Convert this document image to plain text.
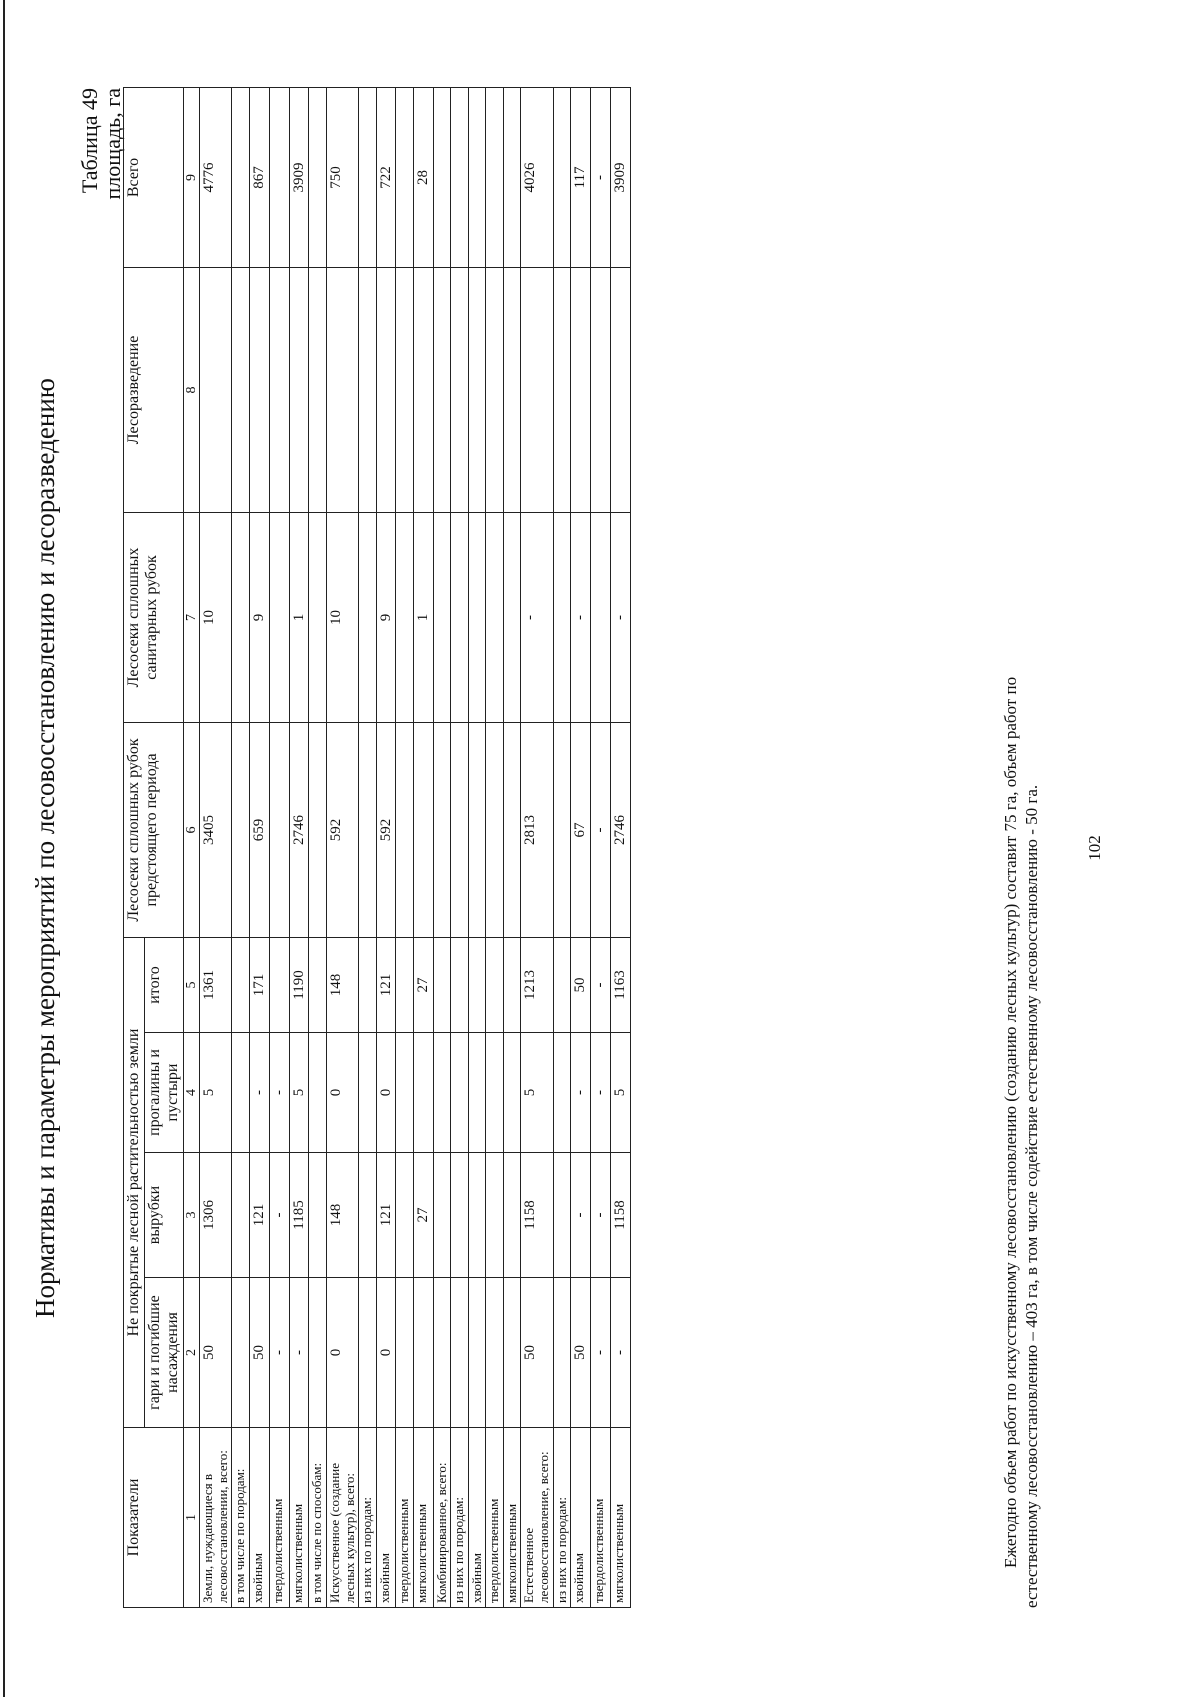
Нормативы и параметры мероприятий по лесовосстановлению и лесоразведению
Таблица 49
площадь, га
Показатели	Не покрытые лесной растительностью земли				Лесосеки сплошных рубок предстоящего периода	Лесосеки сплошных санитарных рубок	Лесоразведение	Всего
	гари и погибшие насаждения	вырубки	прогалины и пустыри	итого				
1	2	3	4	5	6	7	8	9
Земли, нуждающиеся в лесовосстановлении, всего:	50	1306	5	1361	3405	10		4776
в том числе по породам:								
хвойным	50	121	-	171	659	9		867
твердолиственным	-	-	-					
мягколиственным	-	1185	5	1190	2746	1		3909
в том числе по способам:								
Искусственное (создание лесных культур), всего:	0	148	0	148	592	10		750
из них по породам:								
хвойным	0	121	0	121	592	9		722
твердолиственным								
мягколиственным		27		27		1		28
Комбинированное, всего:								
из них по породам:								
хвойным								
твердолиственным								
мягколиственным								
Естественное лесовосстановление, всего:	50	1158	5	1213	2813	-		4026
из них по породам:								
хвойным	50	-	-	50	67	-		117
твердолиственным	-	-	-	-	-			-
мягколиственным	-	1158	5	1163	2746	-		3909
Ежегодно объем работ по искусственному лесовосстановлению (созданию лесных культур) составит 75 га, объем работ по естественному лесовосстановлению – 403 га, в том числе содействие естественному лесовосстановлению - 50 га.	102
